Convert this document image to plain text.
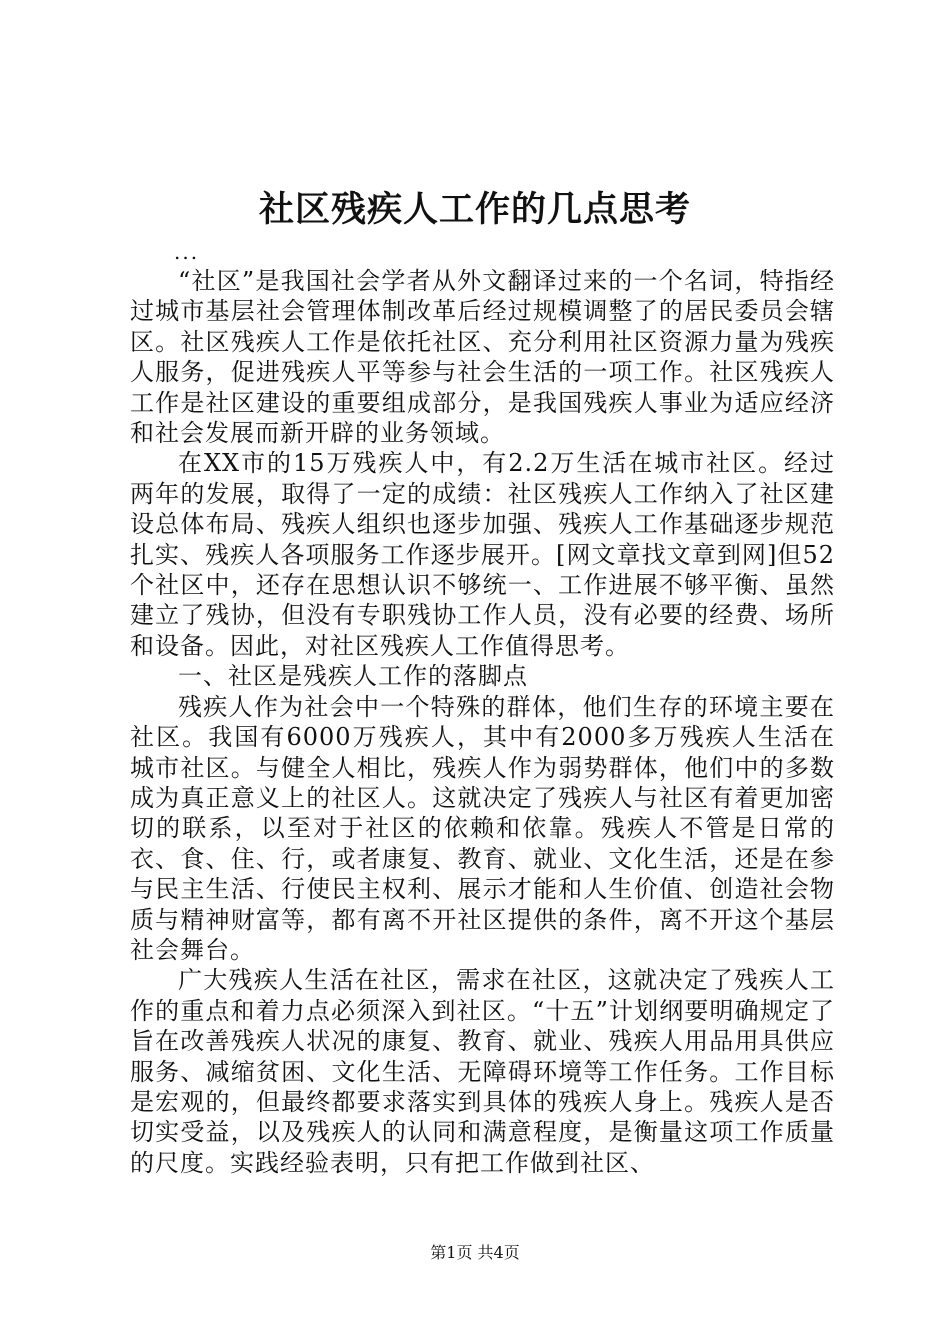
社区残疾人工作的几点思考
...

“社区”是我国社会学者从外文翻译过来的一个名词，特指经过城市基层社会管理体制改革后经过规模调整了的居民委员会辖区。社区残疾人工作是依托社区、充分利用社区资源力量为残疾人服务，促进残疾人平等参与社会生活的一项工作。社区残疾人工作是社区建设的重要组成部分，是我国残疾人事业为适应经济和社会发展而新开辟的业务领域。

在XX市的15万残疾人中，有2.2万生活在城市社区。经过两年的发展，取得了一定的成绩：社区残疾人工作纳入了社区建设总体布局、残疾人组织也逐步加强、残疾人工作基础逐步规范扎实、残疾人各项服务工作逐步展开。[网文章找文章到网]但52个社区中，还存在思想认识不够统一、工作进展不够平衡、虽然建立了残协，但没有专职残协工作人员，没有必要的经费、场所和设备。因此，对社区残疾人工作值得思考。

一、社区是残疾人工作的落脚点

残疾人作为社会中一个特殊的群体，他们生存的环境主要在社区。我国有6000万残疾人，其中有2000多万残疾人生活在城市社区。与健全人相比，残疾人作为弱势群体，他们中的多数成为真正意义上的社区人。这就决定了残疾人与社区有着更加密切的联系，以至对于社区的依赖和依靠。残疾人不管是日常的衣、食、住、行，或者康复、教育、就业、文化生活，还是在参与民主生活、行使民主权利、展示才能和人生价值、创造社会物质与精神财富等，都有离不开社区提供的条件，离不开这个基层社会舞台。

广大残疾人生活在社区，需求在社区，这就决定了残疾人工作的重点和着力点必须深入到社区。“十五”计划纲要明确规定了旨在改善残疾人状况的康复、教育、就业、残疾人用品用具供应服务、减缩贫困、文化生活、无障碍环境等工作任务。工作目标是宏观的，但最终都要求落实到具体的残疾人身上。残疾人是否切实受益，以及残疾人的认同和满意程度，是衡量这项工作质量的尺度。实践经验表明，只有把工作做到社区、

第1页 共4页
